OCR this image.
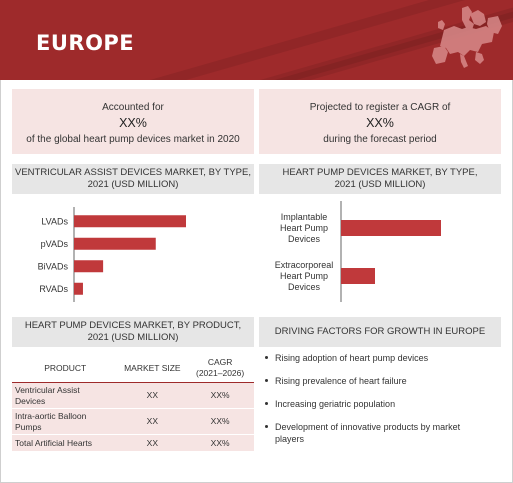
EUROPE
Accounted for
XX%
of the global heart pump devices market in 2020
Projected to register a CAGR of
XX%
during the forecast period
VENTRICULAR ASSIST DEVICES MARKET, BY TYPE,
2021 (USD MILLION)
HEART PUMP DEVICES MARKET, BY TYPE,
2021 (USD MILLION)
LVADs
pVADs
BiVADs
RVADs
Implantable Heart Pump Devices
Extracorporeal Heart Pump Devices
HEART PUMP DEVICES MARKET, BY PRODUCT,
2021 (USD MILLION)
DRIVING FACTORS FOR GROWTH IN EUROPE
PRODUCT	MARKET SIZE	CAGR
(2021–2026)

Ventricular Assist
Devices	XX	XX%

Intra-aortic Balloon
Pumps	XX	XX%
Total Artificial Hearts	XX	XX%
Rising adoption of heart pump devices
Rising prevalence of heart failure
Increasing geriatric population
Development of innovative products by market
players
